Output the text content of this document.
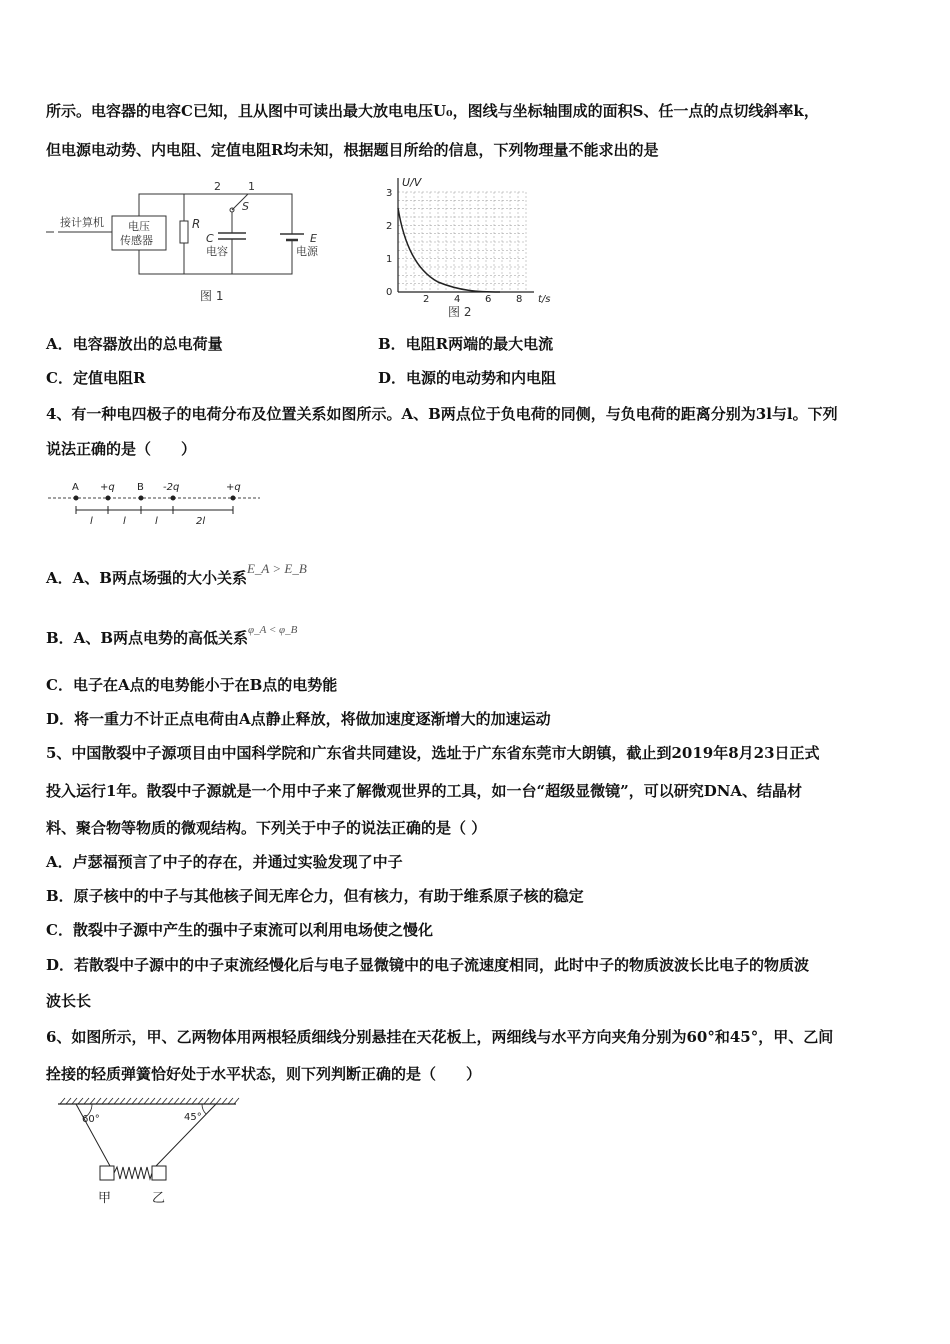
所示。电容器的电容C已知，且从图中可读出最大放电电压U₀，图线与坐标轴围成的面积S、任一点的点切线斜率k，
但电源电动势、内电阻、定值电阻R均未知，根据题目所给的信息，下列物理量不能求出的是
接计算机 电压
传感器
R
2 1
S
C
电容
E
电源
图 1
U/V
t/s
3
2
1
0
2 4 6 8
图 2
A．电容器放出的总电荷量	B．电阻R两端的最大电流
C．定值电阻R	D．电源的电动势和内电阻
4、有一种电四极子的电荷分布及位置关系如图所示。A、B两点位于负电荷的同侧，与负电荷的距离分别为3l与l。下列
说法正确的是（　　）
A +q B -2q	+q
l	l	l	2l
A．A、B两点场强的大小关系E_A > E_B
B．A、B两点电势的高低关系$^{\varphi\_A < \varphi\_B}$
C．电子在A点的电势能小于在B点的电势能
D．将一重力不计正点电荷由A点静止释放，将做加速度逐渐增大的加速运动
5、中国散裂中子源项目由中国科学院和广东省共同建设，选址于广东省东莞市大朗镇，截止到2019年8月23日正式
投入运行1年。散裂中子源就是一个用中子来了解微观世界的工具，如一台“超级显微镜”，可以研究DNA、结晶材
料、聚合物等物质的微观结构。下列关于中子的说法正确的是（ ）
A．卢瑟福预言了中子的存在，并通过实验发现了中子
B．原子核中的中子与其他核子间无库仑力，但有核力，有助于维系原子核的稳定
C．散裂中子源中产生的强中子束流可以利用电场使之慢化
D．若散裂中子源中的中子束流经慢化后与电子显微镜中的电子流速度相同，此时中子的物质波波长比电子的物质波
波长长
6、如图所示，甲、乙两物体用两根轻质细线分别悬挂在天花板上，两细线与水平方向夹角分别为60°和45°，甲、乙间
拴接的轻质弹簧恰好处于水平状态，则下列判断正确的是（　　）
60°	45°
甲	乙
